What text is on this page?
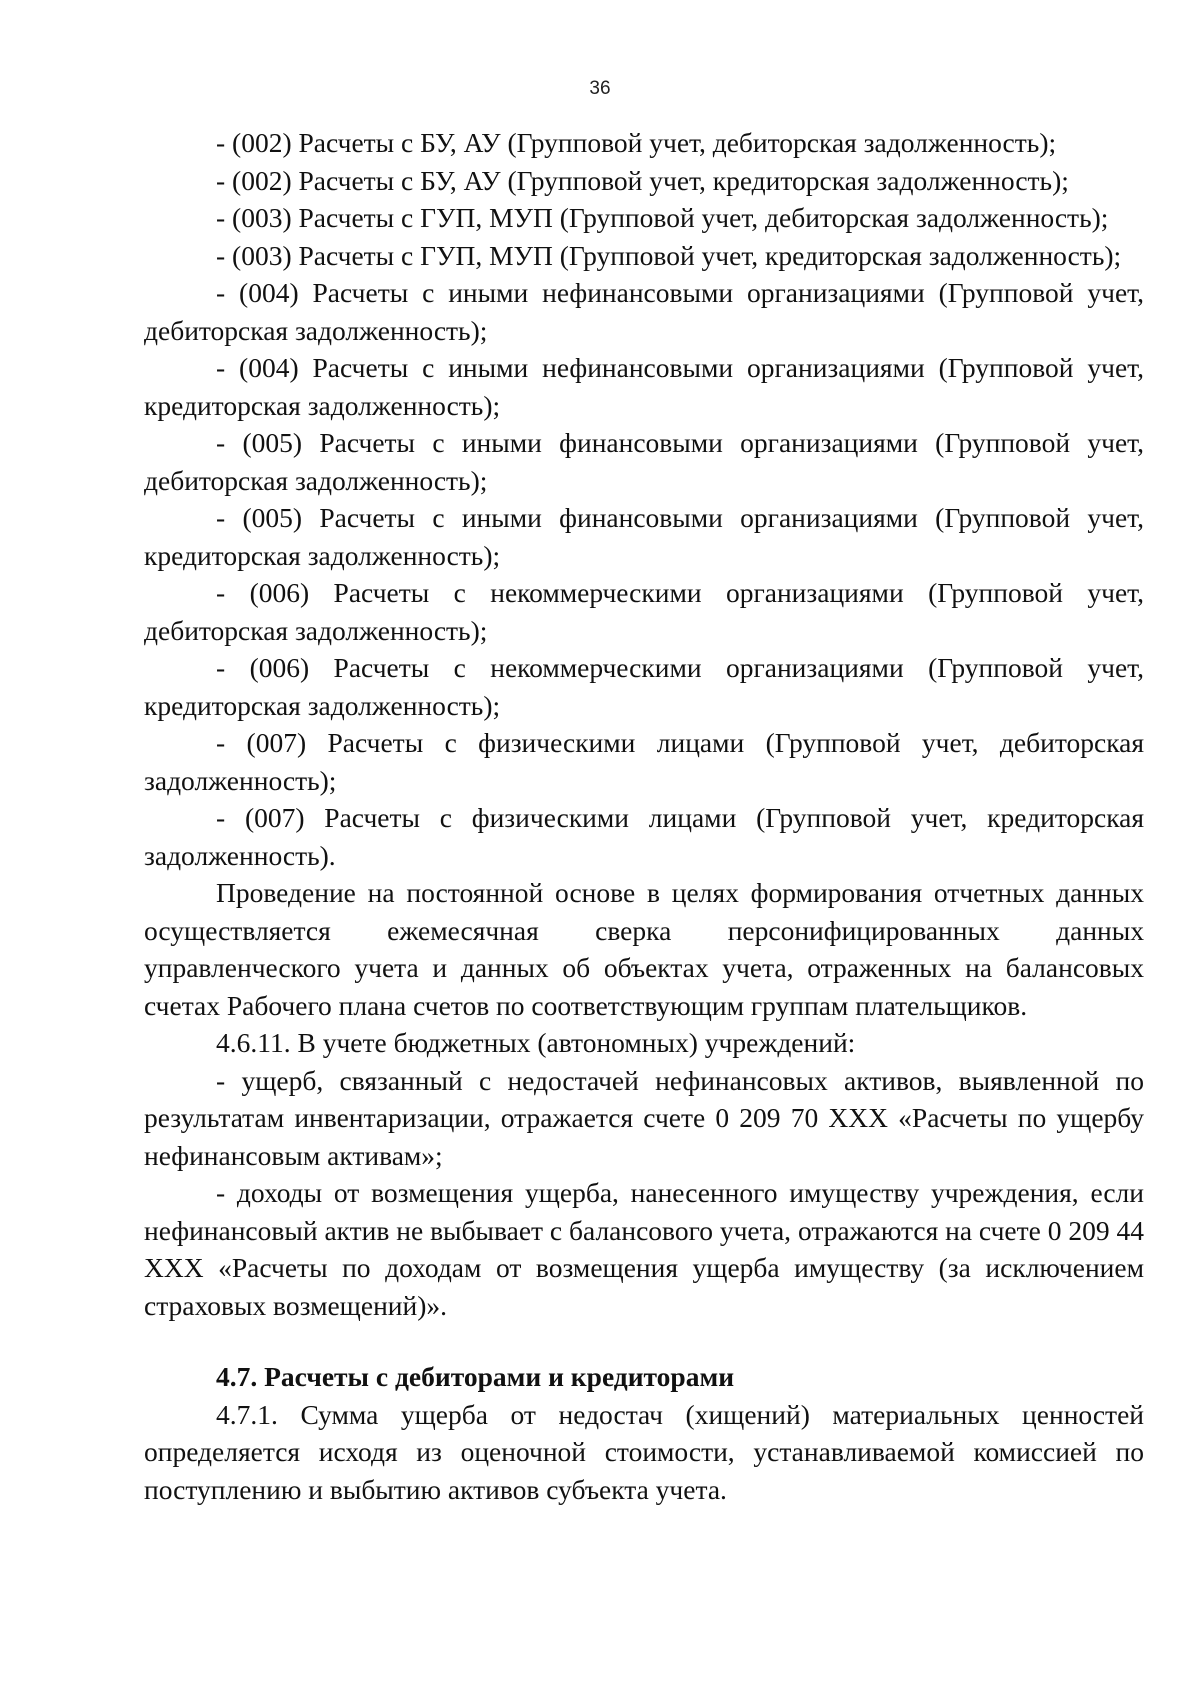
36

- (002) Расчеты с БУ, АУ (Групповой учет, дебиторская задолженность);

- (002) Расчеты с БУ, АУ (Групповой учет, кредиторская задолженность);

- (003) Расчеты с ГУП, МУП (Групповой учет, дебиторская задолженность);

- (003) Расчеты с ГУП, МУП (Групповой учет, кредиторская задолженность);

- (004) Расчеты с иными нефинансовыми организациями (Групповой учет, дебиторская задолженность);

- (004) Расчеты с иными нефинансовыми организациями (Групповой учет, кредиторская задолженность);

- (005) Расчеты с иными финансовыми организациями (Групповой учет, дебиторская задолженность);

- (005) Расчеты с иными финансовыми организациями (Групповой учет, кредиторская задолженность);

- (006) Расчеты с некоммерческими организациями (Групповой учет, дебиторская задолженность);

- (006) Расчеты с некоммерческими организациями (Групповой учет, кредиторская задолженность);

- (007) Расчеты с физическими лицами (Групповой учет, дебиторская задолженность);

- (007) Расчеты с физическими лицами (Групповой учет, кредиторская задолженность).

Проведение на постоянной основе в целях формирования отчетных данных осуществляется ежемесячная сверка персонифицированных данных управленческого учета и данных об объектах учета, отраженных на балансовых счетах Рабочего плана счетов по соответствующим группам плательщиков.

4.6.11. В учете бюджетных (автономных) учреждений:

- ущерб, связанный с недостачей нефинансовых активов, выявленной по результатам инвентаризации, отражается счете 0 209 70 XXX «Расчеты по ущербу нефинансовым активам»;

- доходы от возмещения ущерба, нанесенного имуществу учреждения, если нефинансовый актив не выбывает с балансового учета, отражаются на счете 0 209 44 XXX «Расчеты по доходам от возмещения ущерба имуществу (за исключением страховых возмещений)».

4.7. Расчеты с дебиторами и кредиторами

4.7.1. Сумма ущерба от недостач (хищений) материальных ценностей определяется исходя из оценочной стоимости, устанавливаемой комиссией по поступлению и выбытию активов субъекта учета.
